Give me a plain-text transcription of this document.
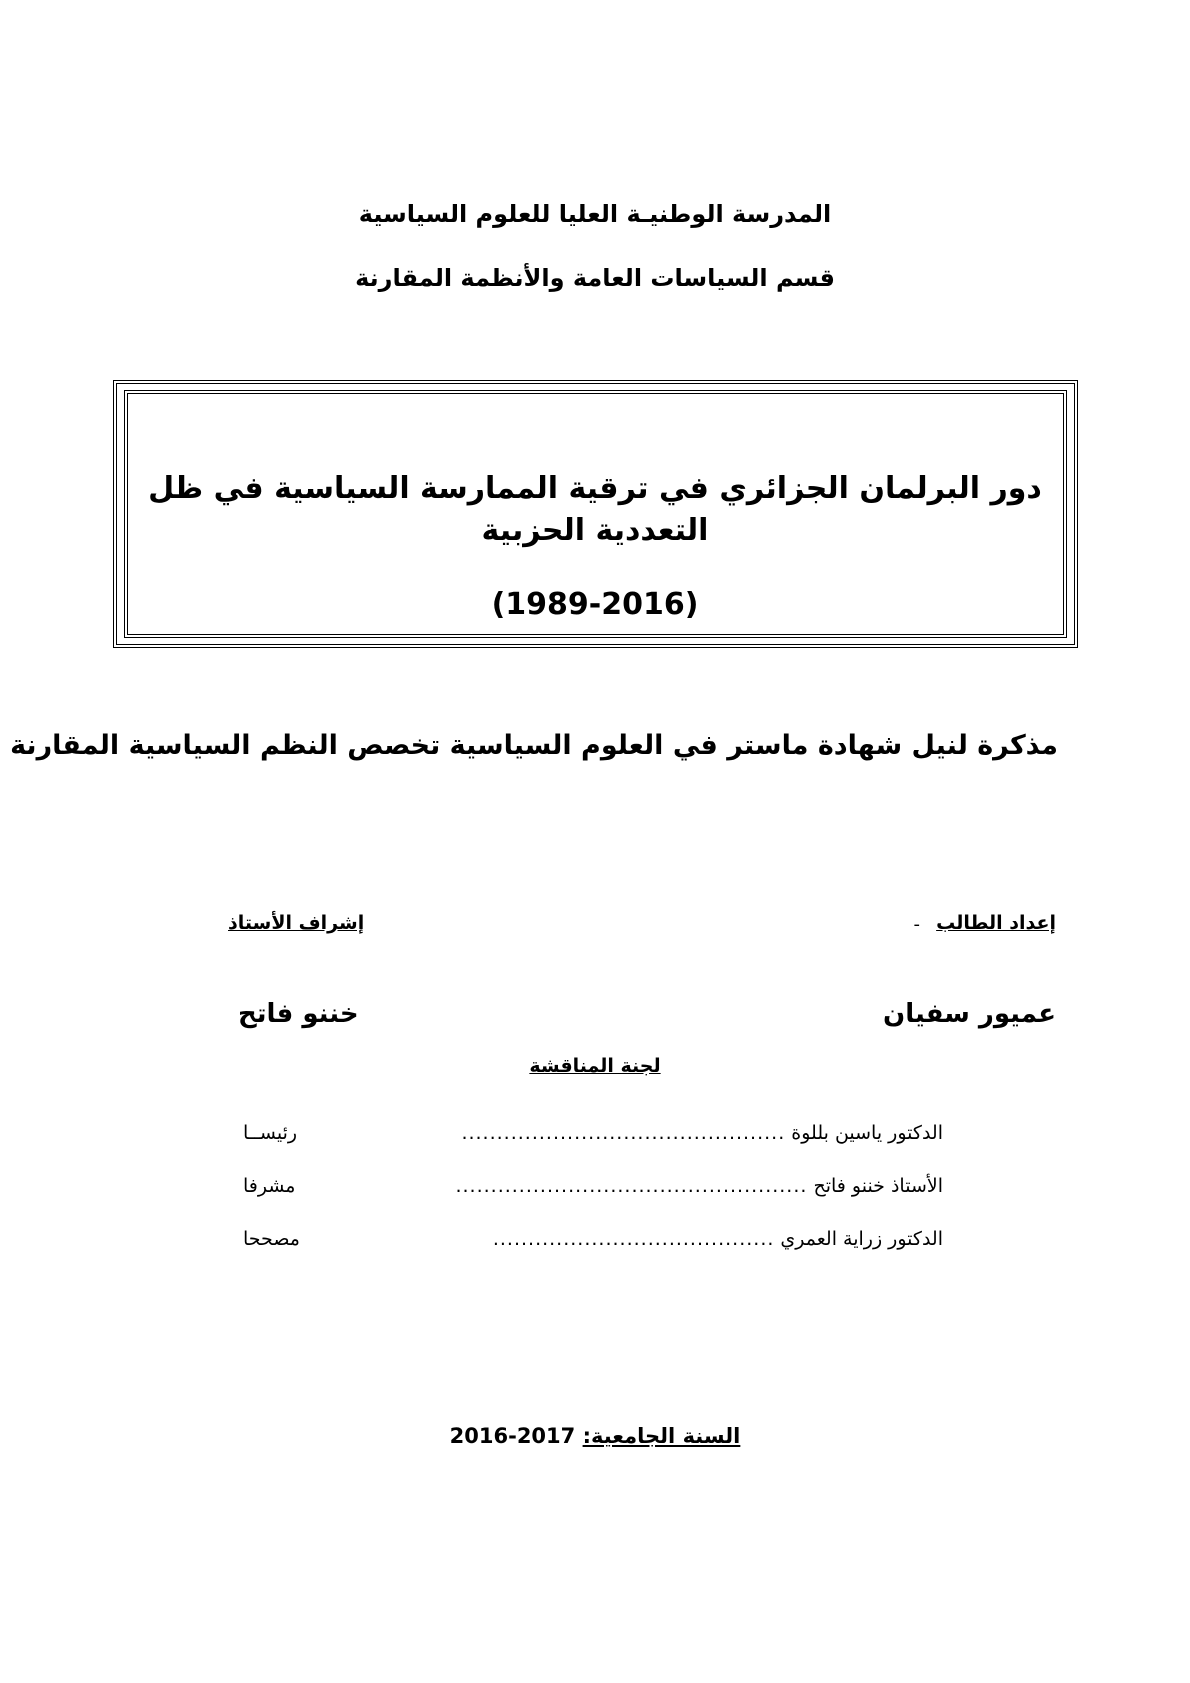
المدرسة الوطنيـة العليا للعلوم السياسية
قسم السياسات العامة والأنظمة المقارنة
دور البرلمان الجزائري في ترقية الممارسة السياسية في ظل التعددية الحزبية
(1989-2016)
مذكرة لنيل شهادة ماستر في العلوم السياسية تخصص النظم السياسية المقارنة
إعداد الطالب
-
إشراف الأستاذ
عميور سفيان
خننو فاتح
لجنة المناقشة
الدكتور ياسين بللوة
..............................................
رئيســا
الأستاذ خننو فاتح
..................................................
مشرفا
الدكتور زراية العمري
........................................
مصححا
السنة الجامعية: 2016-2017
